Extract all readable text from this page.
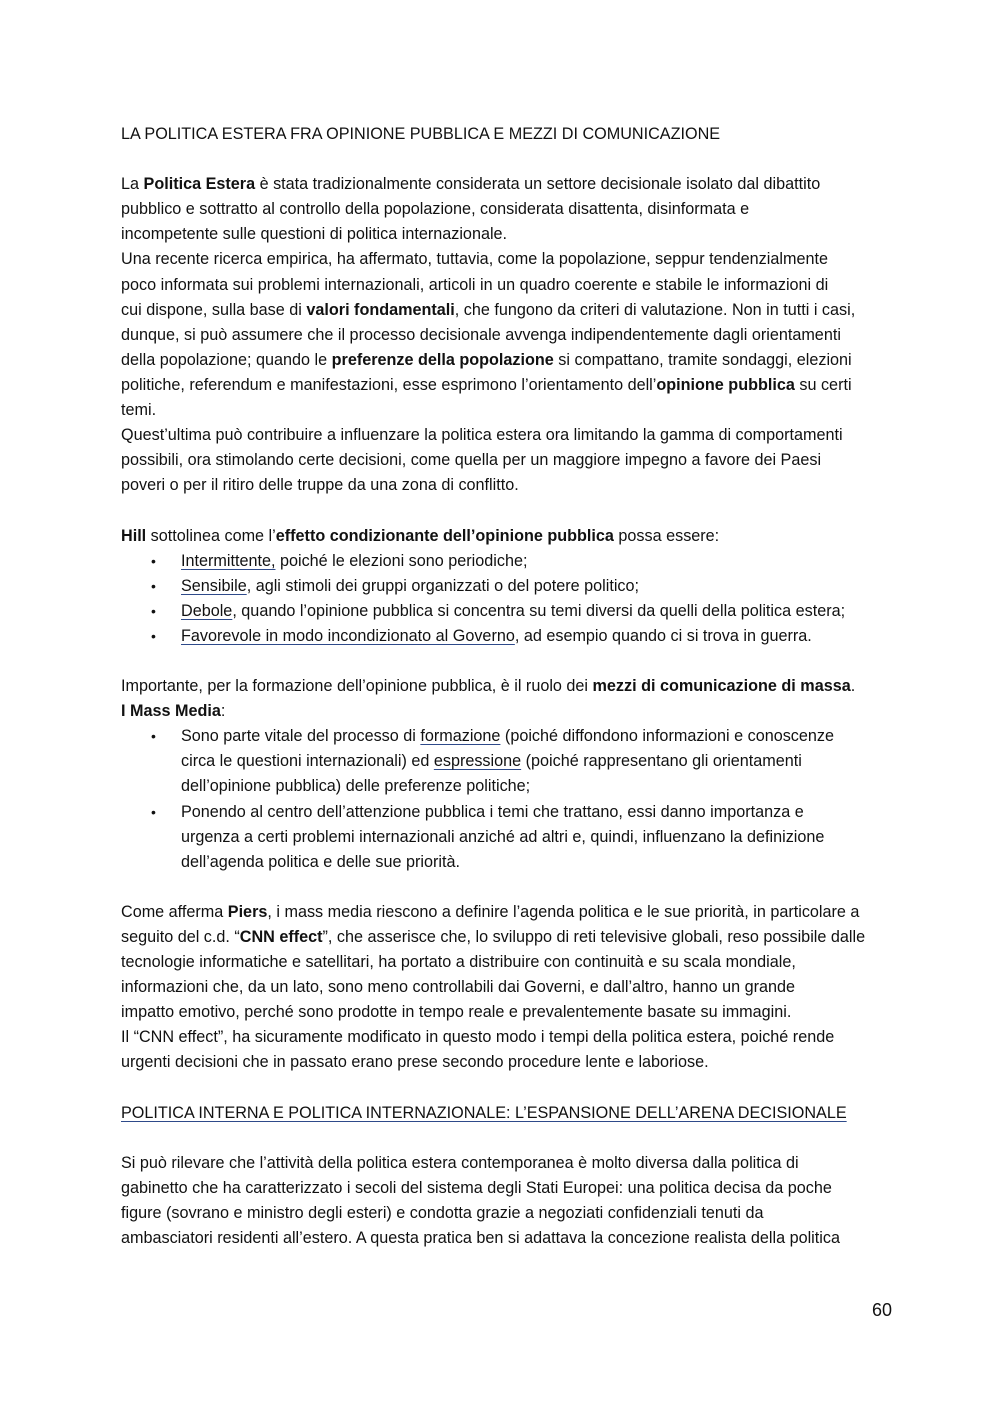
LA POLITICA ESTERA FRA OPINIONE PUBBLICA E MEZZI DI COMUNICAZIONE

La Politica Estera è stata tradizionalmente considerata un settore decisionale isolato dal dibattito

pubblico e sottratto al controllo della popolazione, considerata disattenta, disinformata e

incompetente sulle questioni di politica internazionale.

Una recente ricerca empirica, ha affermato, tuttavia, come la popolazione, seppur tendenzialmente

poco informata sui problemi internazionali, articoli in un quadro coerente e stabile le informazioni di

cui dispone, sulla base di valori fondamentali, che fungono da criteri di valutazione. Non in tutti i casi,

dunque, si può assumere che il processo decisionale avvenga indipendentemente dagli orientamenti

della popolazione; quando le preferenze della popolazione si compattano, tramite sondaggi, elezioni

politiche, referendum e manifestazioni, esse esprimono l’orientamento dell’opinione pubblica su certi

temi.

Quest’ultima può contribuire a influenzare la politica estera ora limitando la gamma di comportamenti

possibili, ora stimolando certe decisioni, come quella per un maggiore impegno a favore dei Paesi

poveri o per il ritiro delle truppe da una zona di conflitto.

Hill sottolinea come l’effetto condizionante dell’opinione pubblica possa essere:

• Intermittente, poiché le elezioni sono periodiche;

• Sensibile, agli stimoli dei gruppi organizzati o del potere politico;

• Debole, quando l’opinione pubblica si concentra su temi diversi da quelli della politica estera;

• Favorevole in modo incondizionato al Governo, ad esempio quando ci si trova in guerra.

Importante, per la formazione dell’opinione pubblica, è il ruolo dei mezzi di comunicazione di massa.

I Mass Media:

• Sono parte vitale del processo di formazione (poiché diffondono informazioni e conoscenze

circa le questioni internazionali) ed espressione (poiché rappresentano gli orientamenti

dell’opinione pubblica) delle preferenze politiche;

• Ponendo al centro dell’attenzione pubblica i temi che trattano, essi danno importanza e

urgenza a certi problemi internazionali anziché ad altri e, quindi, influenzano la definizione

dell’agenda politica e delle sue priorità.

Come afferma Piers, i mass media riescono a definire l’agenda politica e le sue priorità, in particolare a

seguito del c.d. “CNN effect”, che asserisce che, lo sviluppo di reti televisive globali, reso possibile dalle

tecnologie informatiche e satellitari, ha portato a distribuire con continuità e su scala mondiale,

informazioni che, da un lato, sono meno controllabili dai Governi, e dall’altro, hanno un grande

impatto emotivo, perché sono prodotte in tempo reale e prevalentemente basate su immagini.

Il “CNN effect”, ha sicuramente modificato in questo modo i tempi della politica estera, poiché rende

urgenti decisioni che in passato erano prese secondo procedure lente e laboriose.

POLITICA INTERNA E POLITICA INTERNAZIONALE: L’ESPANSIONE DELL’ARENA DECISIONALE

Si può rilevare che l’attività della politica estera contemporanea è molto diversa dalla politica di

gabinetto che ha caratterizzato i secoli del sistema degli Stati Europei: una politica decisa da poche

figure (sovrano e ministro degli esteri) e condotta grazie a negoziati confidenziali tenuti da

ambasciatori residenti all’estero. A questa pratica ben si adattava la concezione realista della politica

60
